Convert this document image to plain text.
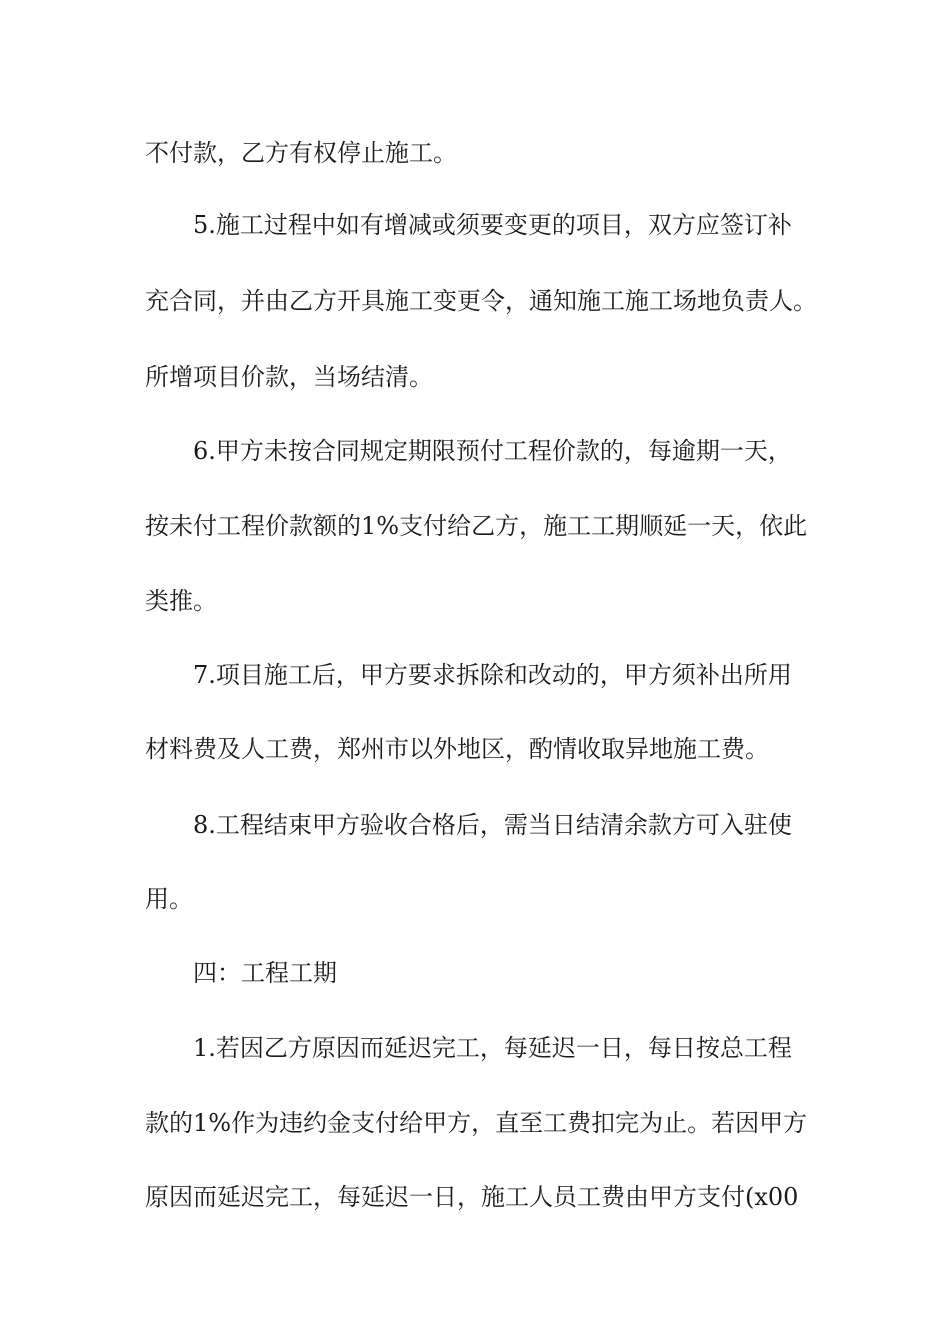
不付款，乙方有权停止施工。
5.施工过程中如有增减或须要变更的项目，双方应签订补
充合同，并由乙方开具施工变更令，通知施工施工场地负责人。
所增项目价款，当场结清。
6.甲方未按合同规定期限预付工程价款的，每逾期一天，
按未付工程价款额的1%支付给乙方，施工工期顺延一天，依此
类推。
7.项目施工后，甲方要求拆除和改动的，甲方须补出所用
材料费及人工费，郑州市以外地区，酌情收取异地施工费。
8.工程结束甲方验收合格后，需当日结清余款方可入驻使
用。
四：工程工期
1.若因乙方原因而延迟完工，每延迟一日，每日按总工程
款的1%作为违约金支付给甲方，直至工费扣完为止。若因甲方
原因而延迟完工，每延迟一日，施工人员工费由甲方支付(x00
